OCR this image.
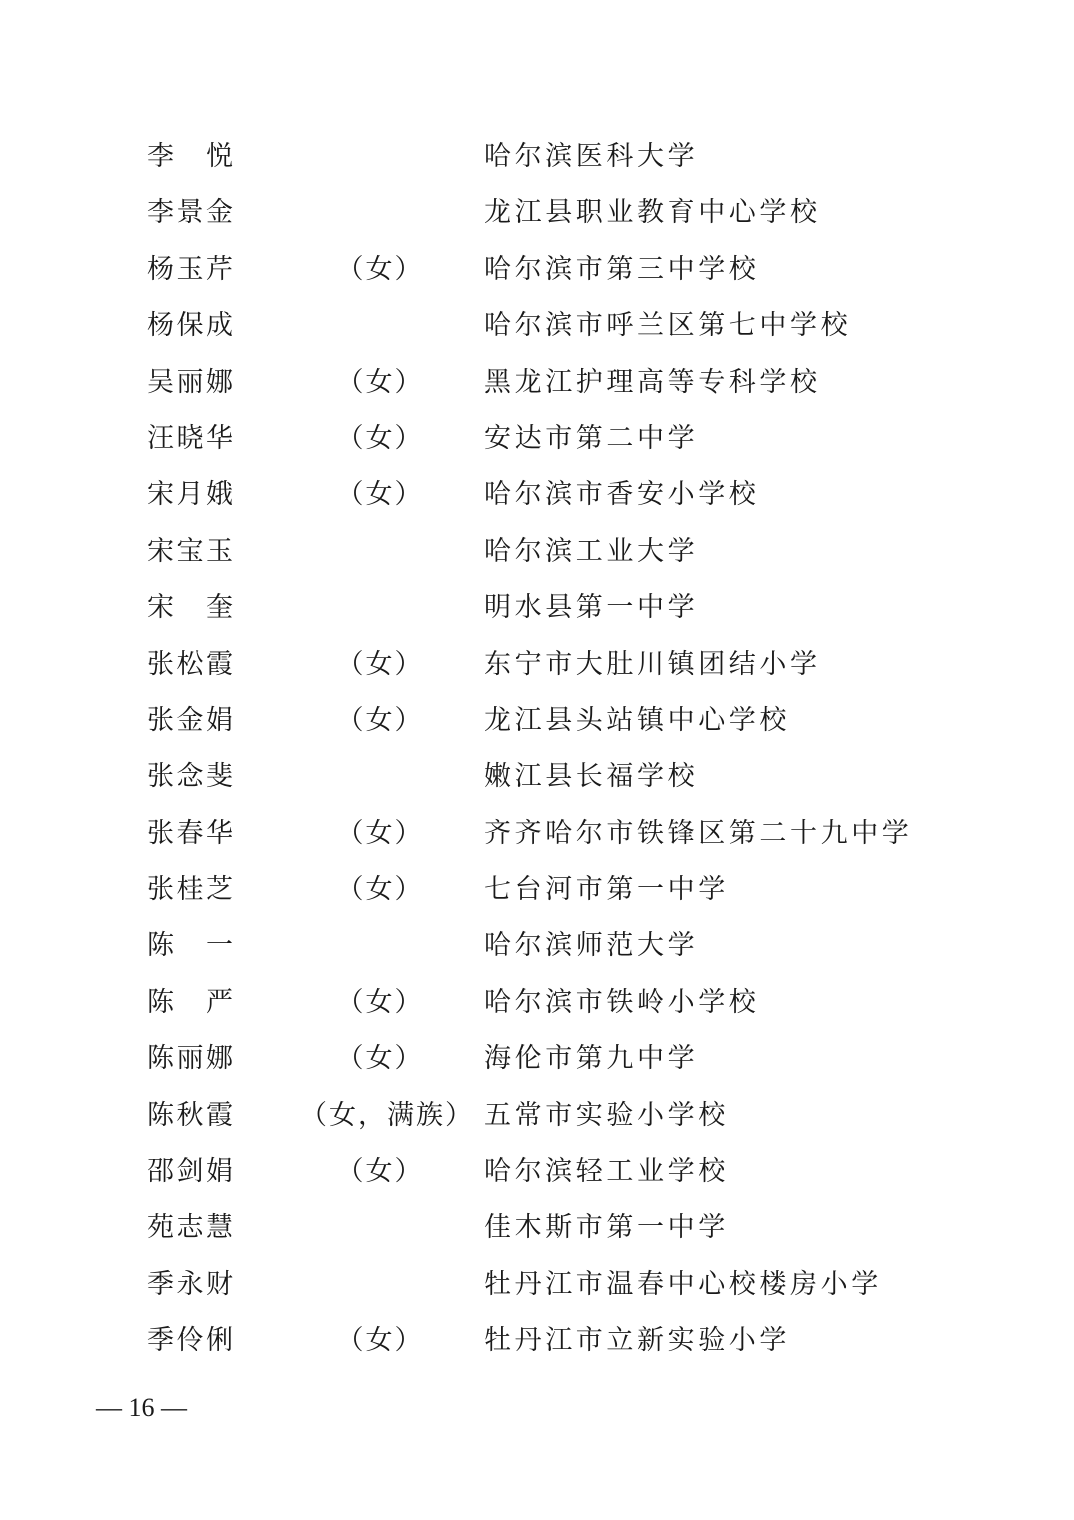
李 悦	哈尔滨医科大学
李 景 金	龙江县职业教育中心学校
杨 玉 芹	（女）	哈尔滨市第三中学校
杨 保 成	哈尔滨市呼兰区第七中学校
吴 丽 娜	（女）	黑龙江护理高等专科学校
汪 晓 华	（女）	安达市第二中学
宋 月 娥	（女）	哈尔滨市香安小学校
宋 宝 玉	哈尔滨工业大学
宋 奎	明水县第一中学
张 松 霞	（女）	东宁市大肚川镇团结小学
张 金 娟	（女）	龙江县头站镇中心学校
张 念 斐	嫩江县长福学校
张 春 华	（女）	齐齐哈尔市铁锋区第二十九中学
张 桂 芝	（女）	七台河市第一中学
陈 一	哈尔滨师范大学
陈 严	（女）	哈尔滨市铁岭小学校
陈 丽 娜	（女）	海伦市第九中学
陈 秋 霞 （女，满族） 五常市实验小学校
邵 剑 娟	（女）	哈尔滨轻工业学校
苑 志 慧	佳木斯市第一中学
季 永 财	牡丹江市温春中心校楼房小学
季 伶 俐	（女）	牡丹江市立新实验小学
— 16 —
